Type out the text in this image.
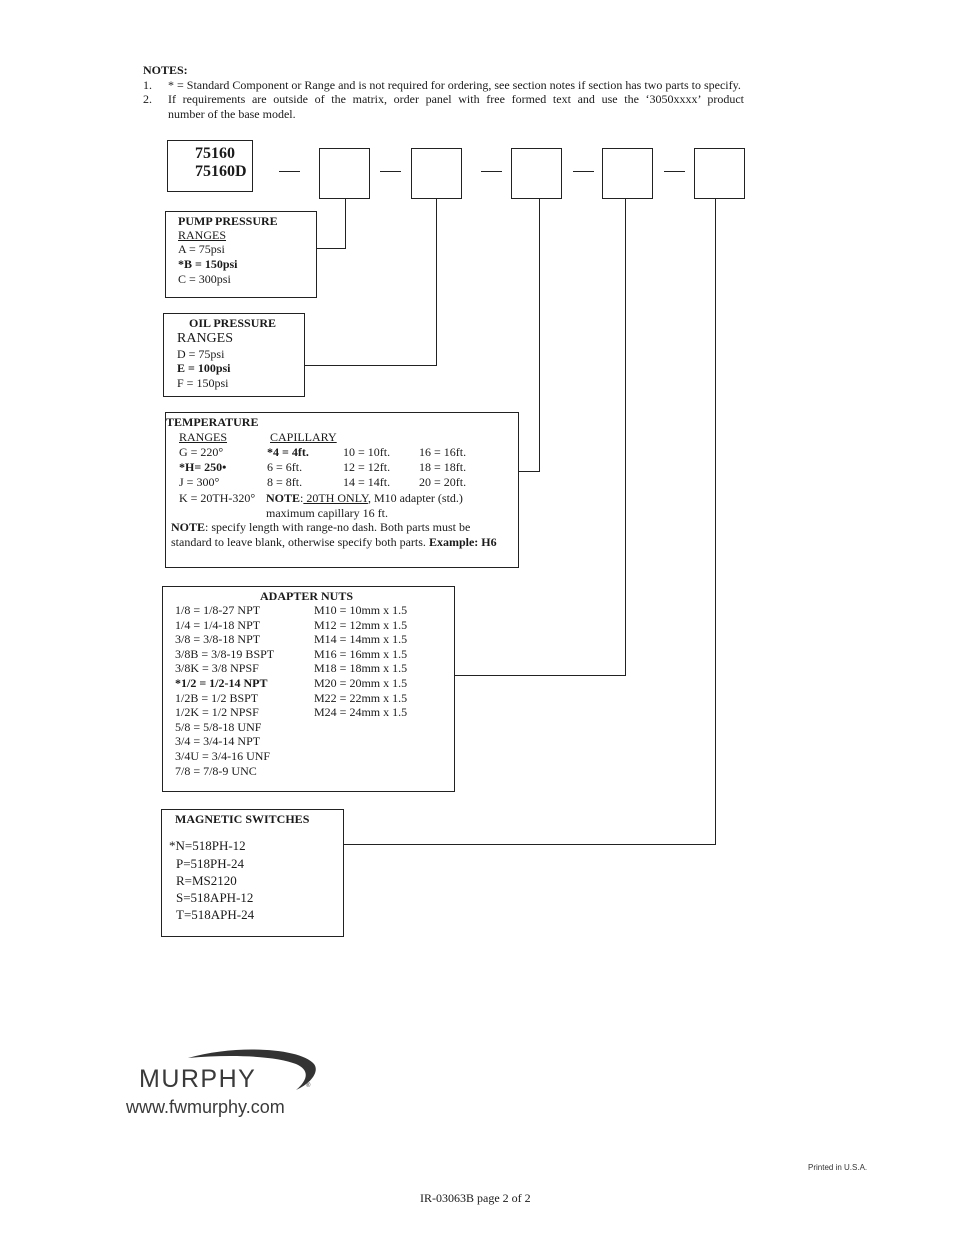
NOTES:
1. * = Standard Component or Range and is not required for ordering, see section notes if section has two parts to specify.
2. If requirements are outside of the matrix, order panel with free formed text and use the ‘3050xxxx’ product
number of the base model.
75160
75160D
PUMP PRESSURE
RANGES
A = 75psi
*B = 150psi
C = 300psi
OIL PRESSURE
RANGES
D = 75psi
E = 100psi
F = 150psi
TEMPERATURE
RANGES	CAPILLARY
G = 220°
*H= 250•
J = 300°
K = 20TH-320°
*4 = 4ft.
6 = 6ft.
8 = 8ft.
10 = 10ft.
12 = 12ft.
14 = 14ft.
16 = 16ft.
18 = 18ft.
20 = 20ft.
NOTE: 20TH ONLY, M10 adapter (std.)
maximum capillary 16 ft.
NOTE: specify length with range-no dash. Both parts must be
standard to leave blank, otherwise specify both parts. Example: H6
ADAPTER NUTS
1/8 = 1/8-27 NPT
1/4 = 1/4-18 NPT
3/8 = 3/8-18 NPT
3/8B = 3/8-19 BSPT
3/8K = 3/8 NPSF
*1/2 = 1/2-14 NPT
1/2B = 1/2 BSPT
1/2K = 1/2 NPSF
5/8 = 5/8-18 UNF
3/4 = 3/4-14 NPT
3/4U = 3/4-16 UNF
7/8 = 7/8-9 UNC
M10 = 10mm x 1.5
M12 = 12mm x 1.5
M14 = 14mm x 1.5
M16 = 16mm x 1.5
M18 = 18mm x 1.5
M20 = 20mm x 1.5
M22 = 22mm x 1.5
M24 = 24mm x 1.5
MAGNETIC SWITCHES
*N=518PH-12
P=518PH-24
R=MS2120
S=518APH-12
T=518APH-24
MURPHY	®
www.fwmurphy.com
Printed in U.S.A.
IR-03063B page 2 of 2
